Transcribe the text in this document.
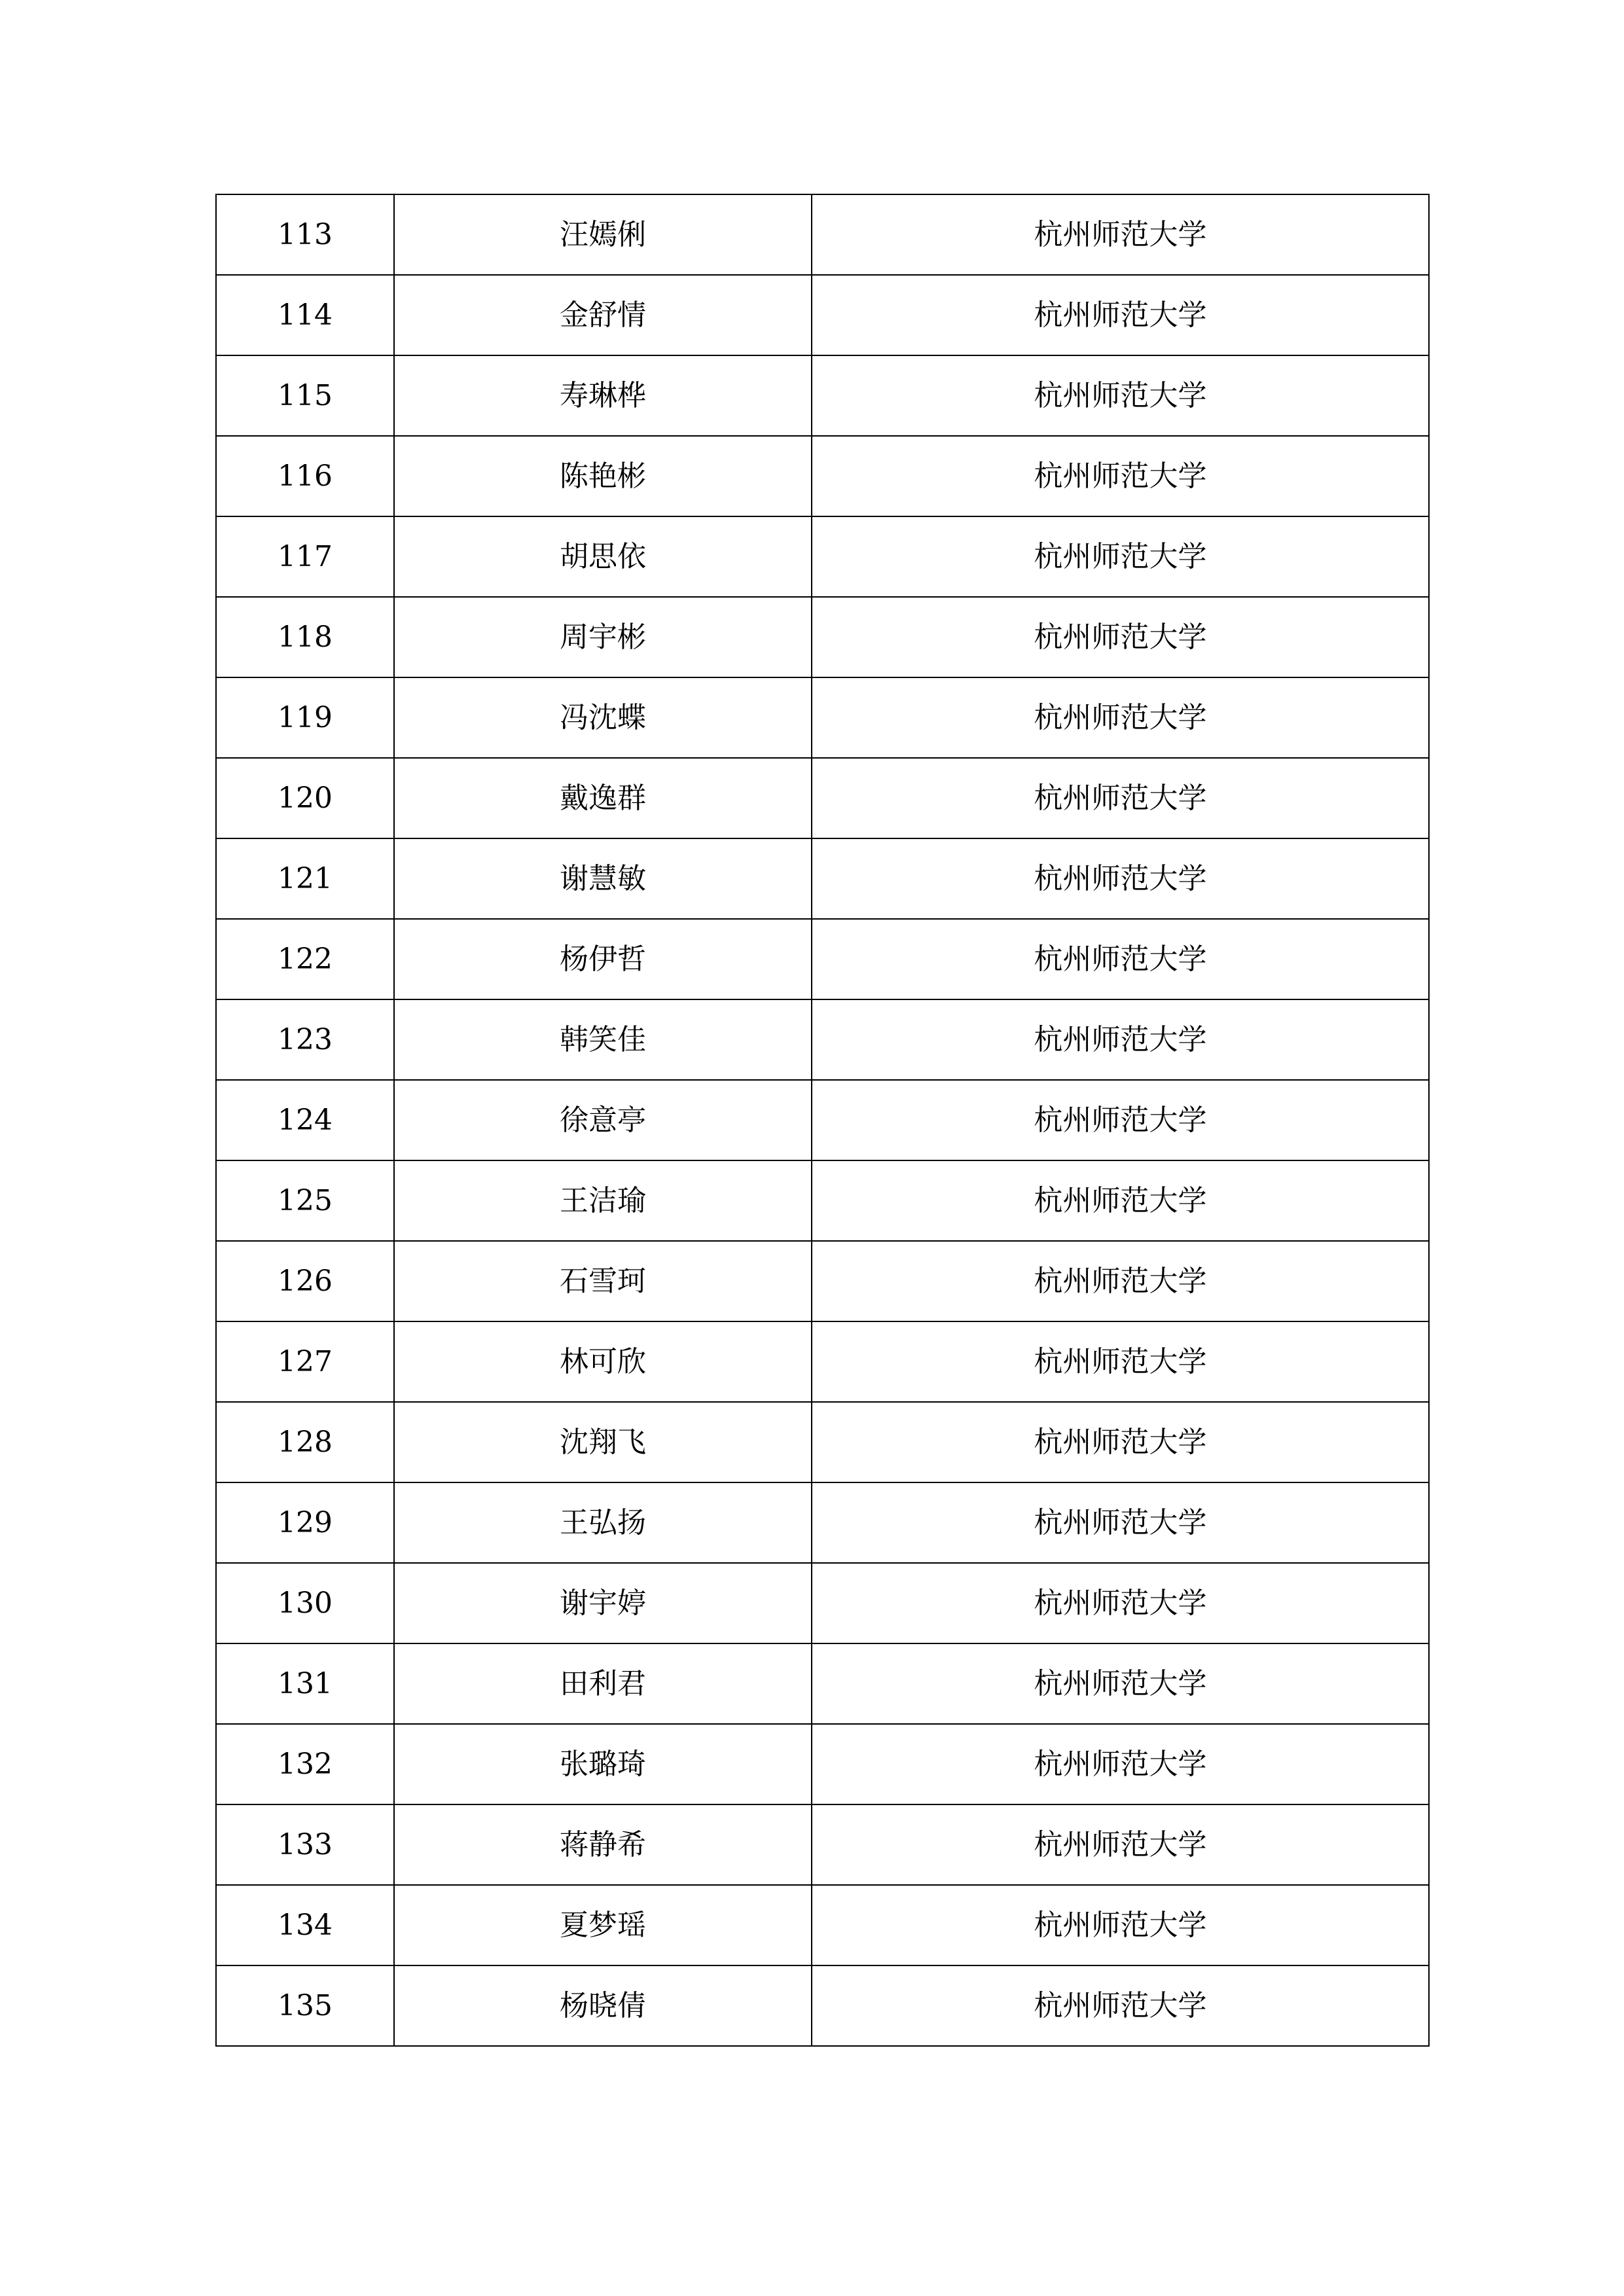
113	汪嫣俐	杭州师范大学
114	金舒情	杭州师范大学
115	寿琳桦	杭州师范大学
116	陈艳彬	杭州师范大学
117	胡思依	杭州师范大学
118	周宇彬	杭州师范大学
119	冯沈蝶	杭州师范大学
120	戴逸群	杭州师范大学
121	谢慧敏	杭州师范大学
122	杨伊哲	杭州师范大学
123	韩笑佳	杭州师范大学
124	徐意亭	杭州师范大学
125	王洁瑜	杭州师范大学
126	石雪珂	杭州师范大学
127	林可欣	杭州师范大学
128	沈翔飞	杭州师范大学
129	王弘扬	杭州师范大学
130	谢宇婷	杭州师范大学
131	田利君	杭州师范大学
132	张璐琦	杭州师范大学
133	蒋静希	杭州师范大学
134	夏梦瑶	杭州师范大学
135	杨晓倩	杭州师范大学
